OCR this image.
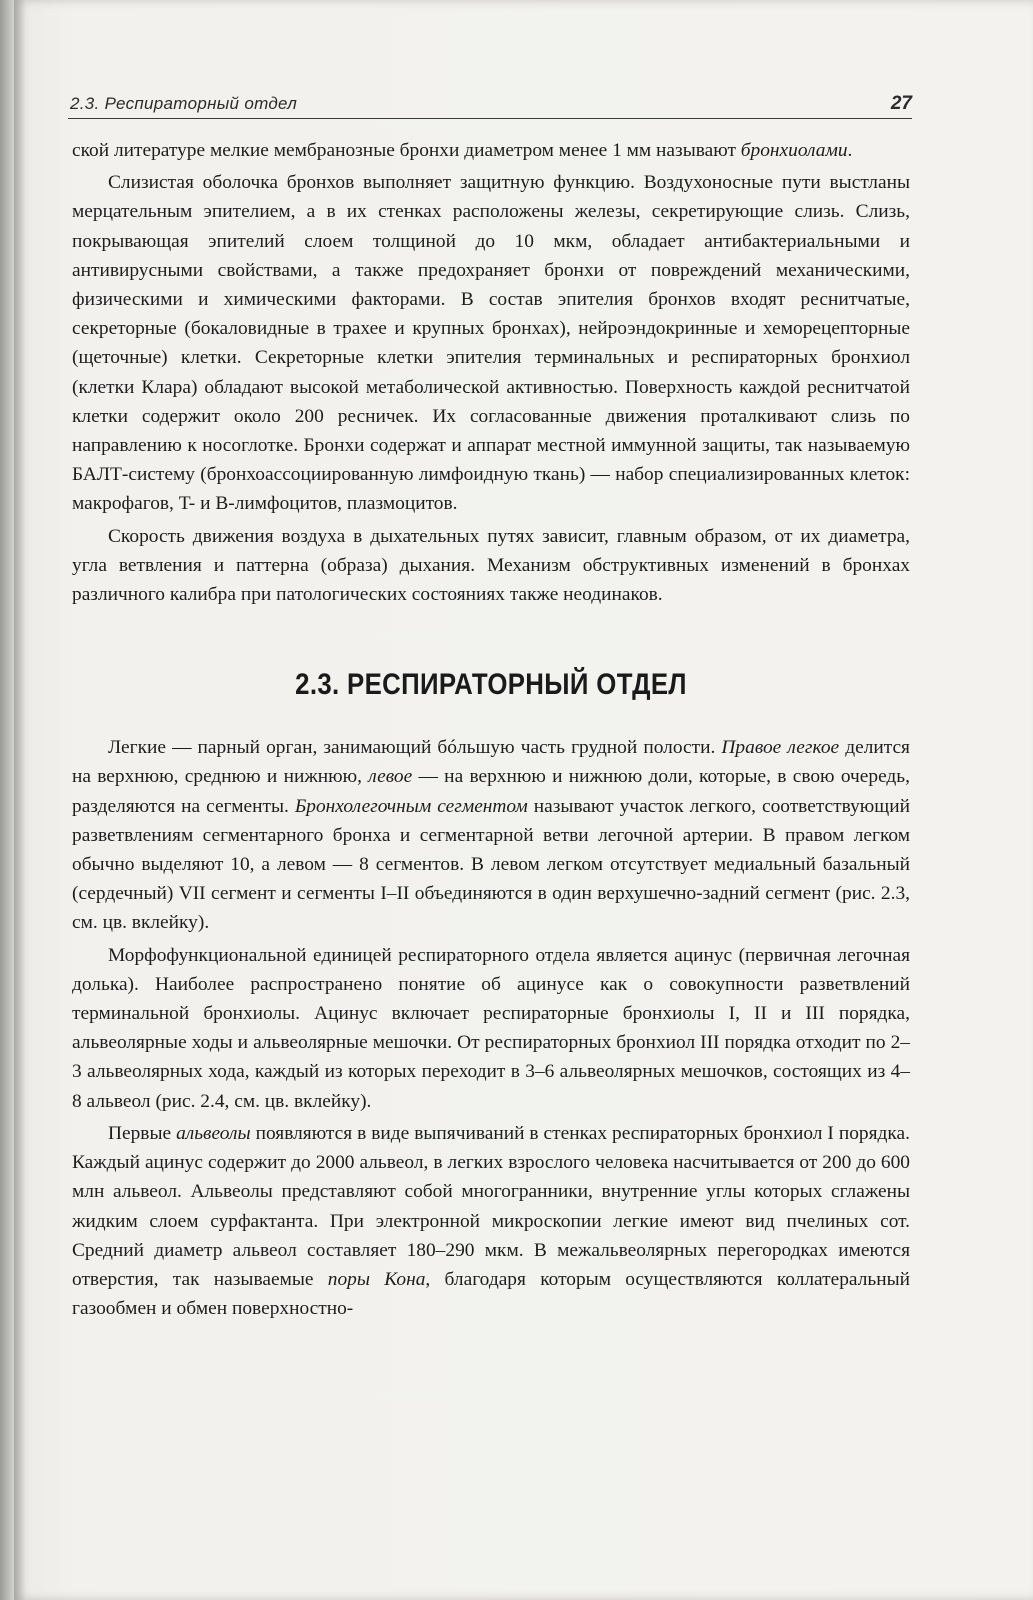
2.3. Респираторный отдел	27

ской литературе мелкие мембранозные бронхи диаметром менее 1 мм называют бронхиолами.

Слизистая оболочка бронхов выполняет защитную функцию. Воздухоносные пути выстланы мерцательным эпителием, а в их стенках расположены железы, секретирующие слизь. Слизь, покрывающая эпителий слоем толщиной до 10 мкм, обладает антибактериальными и антивирусными свойствами, а также предохраняет бронхи от повреждений механическими, физическими и химическими факторами. В состав эпителия бронхов входят реснитчатые, секреторные (бокаловидные в трахее и крупных бронхах), нейроэндокринные и хеморецепторные (щеточные) клетки. Секреторные клетки эпителия терминальных и респираторных бронхиол (клетки Клара) обладают высокой метаболической активностью. Поверхность каждой реснитчатой клетки содержит около 200 ресничек. Их согласованные движения проталкивают слизь по направлению к носоглотке. Бронхи содержат и аппарат местной иммунной защиты, так называемую БАЛТ-систему (бронхоассоциированную лимфоидную ткань) — набор специализированных клеток: макрофагов, T- и B-лимфоцитов, плазмоцитов.

Скорость движения воздуха в дыхательных путях зависит, главным образом, от их диаметра, угла ветвления и паттерна (образа) дыхания. Механизм обструктивных изменений в бронхах различного калибра при патологических состояниях также неодинаков.

2.3. РЕСПИРАТОРНЫЙ ОТДЕЛ

Легкие — парный орган, занимающий бóльшую часть грудной полости. Правое легкое делится на верхнюю, среднюю и нижнюю, левое — на верхнюю и нижнюю доли, которые, в свою очередь, разделяются на сегменты. Бронхолегочным сегментом называют участок легкого, соответствующий разветвлениям сегментарного бронха и сегментарной ветви легочной артерии. В правом легком обычно выделяют 10, а левом — 8 сегментов. В левом легком отсутствует медиальный базальный (сердечный) VII сегмент и сегменты I–II объединяются в один верхушечно-задний сегмент (рис. 2.3, см. цв. вклейку).

Морфофункциональной единицей респираторного отдела является ацинус (первичная легочная долька). Наиболее распространено понятие об ацинусе как о совокупности разветвлений терминальной бронхиолы. Ацинус включает респираторные бронхиолы I, II и III порядка, альвеолярные ходы и альвеолярные мешочки. От респираторных бронхиол III порядка отходит по 2–3 альвеолярных хода, каждый из которых переходит в 3–6 альвеолярных мешочков, состоящих из 4–8 альвеол (рис. 2.4, см. цв. вклейку).

Первые альвеолы появляются в виде выпячиваний в стенках респираторных бронхиол I порядка. Каждый ацинус содержит до 2000 альвеол, в легких взрослого человека насчитывается от 200 до 600 млн альвеол. Альвеолы представляют собой многогранники, внутренние углы которых сглажены жидким слоем сурфактанта. При электронной микроскопии легкие имеют вид пчелиных сот. Средний диаметр альвеол составляет 180–290 мкм. В межальвеолярных перегородках имеются отверстия, так называемые поры Кона, благодаря которым осуществляются коллатеральный газообмен и обмен поверхностно-
